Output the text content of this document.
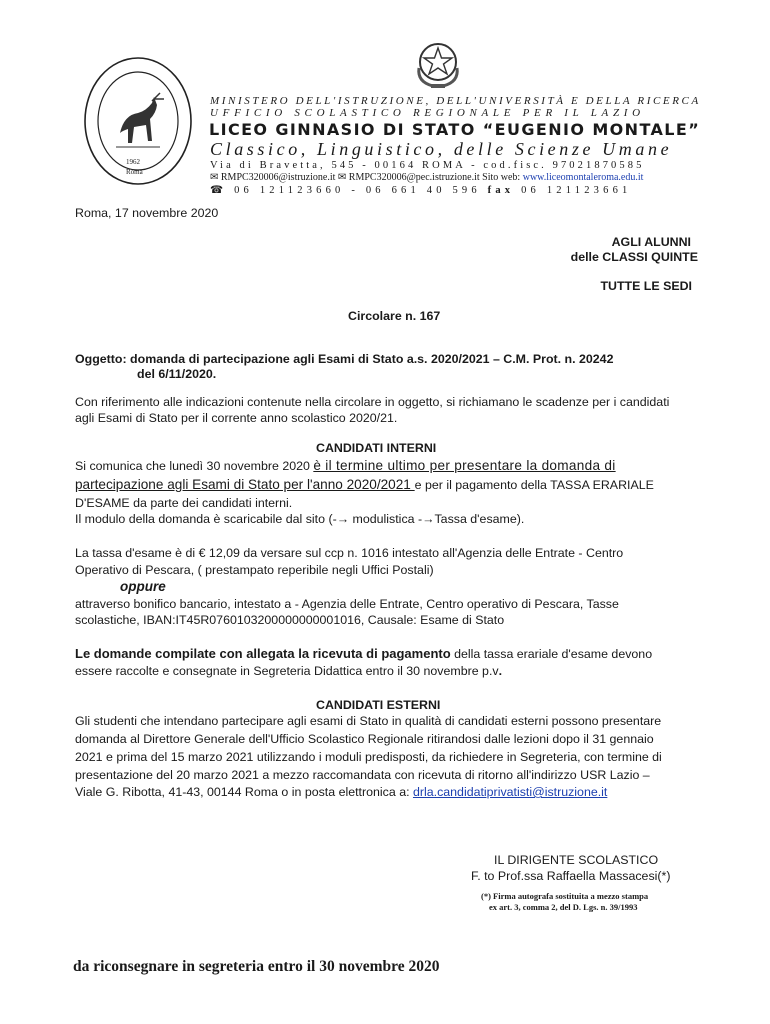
1962
Roma
MINISTERO DELL'ISTRUZIONE, DELL'UNIVERSITÀ E DELLA RICERCA
UFFICIO SCOLASTICO REGIONALE PER IL LAZIO
LICEO GINNASIO DI STATO “EUGENIO MONTALE”
Classico, Linguistico, delle Scienze Umane
Via di Bravetta, 545 - 00164 ROMA - cod.fisc. 97021870585
✉ RMPC320006@istruzione.it ✉ RMPC320006@pec.istruzione.it Sito web: www.liceomontaleroma.edu.it
☎ 06 121123660 - 06 661 40 596 fax 06 121123661
Roma, 17 novembre 2020
AGLI ALUNNI
delle CLASSI QUINTE
TUTTE LE SEDI
Circolare n. 167
Oggetto: domanda di partecipazione agli Esami di Stato a.s. 2020/2021 – C.M. Prot. n. 20242
del 6/11/2020.
Con riferimento alle indicazioni contenute nella circolare in oggetto, si richiamano le scadenze per i candidati
agli Esami di Stato per il corrente anno scolastico 2020/21.
CANDIDATI INTERNI
Si comunica che lunedì 30 novembre 2020 è il termine ultimo per presentare la domanda di
partecipazione agli Esami di Stato per l'anno 2020/2021 e per il pagamento della TASSA ERARIALE
D'ESAME da parte dei candidati interni.
Il modulo della domanda è scaricabile dal sito (-→ modulistica -→Tassa d'esame).
La tassa d'esame è di € 12,09 da versare sul ccp n. 1016 intestato all'Agenzia delle Entrate - Centro
Operativo di Pescara, ( prestampato reperibile negli Uffici Postali)
oppure
attraverso bonifico bancario, intestato a - Agenzia delle Entrate, Centro operativo di Pescara, Tasse
scolastiche, IBAN:IT45R0760103200000000001016, Causale: Esame di Stato
Le domande compilate con allegata la ricevuta di pagamento della tassa erariale d'esame devono
essere raccolte e consegnate in Segreteria Didattica entro il 30 novembre p.v.
CANDIDATI ESTERNI
Gli studenti che intendano partecipare agli esami di Stato in qualità di candidati esterni possono presentare
domanda al Direttore Generale dell'Ufficio Scolastico Regionale ritirandosi dalle lezioni dopo il 31 gennaio
2021 e prima del 15 marzo 2021 utilizzando i moduli predisposti, da richiedere in Segreteria, con termine di
presentazione del 20 marzo 2021 a mezzo raccomandata con ricevuta di ritorno all'indirizzo USR Lazio –
Viale G. Ribotta, 41-43, 00144 Roma o in posta elettronica a: drla.candidatiprivatisti@istruzione.it
IL DIRIGENTE SCOLASTICO
F. to Prof.ssa Raffaella Massacesi(*)
(*) Firma autografa sostituita a mezzo stampa
ex art. 3, comma 2, del D. Lgs. n. 39/1993
da riconsegnare in segreteria entro il 30 novembre 2020
